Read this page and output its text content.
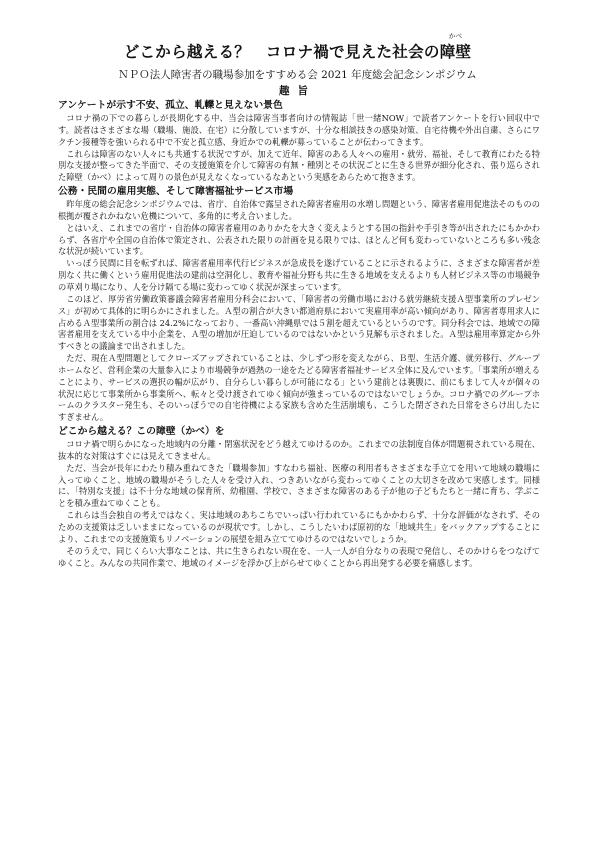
どこから越える？　コロナ禍で見えた社会の
かべ
障壁
ＮＰＯ法人障害者の職場参加をすすめる会 2021 年度総会記念シンポジウム
趣旨
アンケートが示す不安、孤立、軋轢と見えない景色

コロナ禍の下での暮らしが長期化する中、当会は障害当事者向けの情報誌「世一緒NOW」で読者アンケートを行い回収中です。読者はさまざまな場（職場、施設、在宅）に分散していますが、十分な相談技きの感染対策、自宅待機や外出自粛、さらにワクチン接種等を強いられる中で不安と孤立感、身近かでの軋轢が募っていることが伝わってきます。

これらは障害のない人々にも共通する状況ですが、加えて近年、障害のある人々への雇用・就労、福祉、そして教育にわたる特別な支援が整ってきた半面で、その支援施策を介して障害の有無・種別とその状況ごとに生きる世界が細分化され、張り巡らされた障壁（かべ）によって周りの景色が見えなくなっているなあという実感をあらためて抱きます。

公務・民間の雇用実態、そして障害福祉サービス市場

昨年度の総会記念シンポジウムでは、省庁、自治体で露呈された障害者雇用の水増し問題という、障害者雇用促進法そのものの根拠が覆されかねない危機について、多角的に考え合いました。

とはいえ、これまでの省庁・自治体の障害者雇用のありかたを大きく変えようとする国の指針や手引き等が出されたにもかかわらず、各省庁や全国の自治体で策定され、公表された限りの計画を見る限りでは、ほとんど何も変わっていないところも多い残念な状況が続いています。

いっぽう民間に目を転ずれば、障害者雇用率代行ビジネスが急成長を遂げていることに示されるように、さまざまな障害者が差別なく共に働くという雇用促進法の建前は空洞化し、教育や福祉分野も共に生きる地域を支えるよりも人材ビジネス等の市場競争の草刈り場になり、人を分け隔てる場に変わってゆく状況が深まっています。

このほど、厚労省労働政策審議会障害者雇用分科会において、「障害者の労働市場における就労継続支援Ａ型事業所のプレゼンス」が初めて具体的に明らかにされました。Ａ型の割合が大きい都道府県において実雇用率が高い傾向があり、障害者専用求人に占めるＡ型事業所の割合は 24.2%になっており、一番高い沖縄県では５割を超えているというのです。同分科会では、地域での障害者雇用を支えている中小企業を、Ａ型の増加が圧迫しているのではないかという見解も示されました。Ａ型は雇用率算定から外すべきとの議論まで出されました。

ただ、現在Ａ型問題としてクローズアップされていることは、少しずつ形を変えながら、Ｂ型、生活介護、就労移行、グループホームなど、営利企業の大量参入により市場競争が過熱の一途をたどる障害者福祉サービス全体に及んでいます。「事業所が増えることにより、サービスの選択の幅が広がり、自分らしい暮らしが可能になる」という建前とは裏腹に、前にもまして人々が個々の状況に応じて事業所から事業所へ、転々と受け渡されてゆく傾向が強まっているのではないでしょうか。コロナ禍でのグループホームのクラスター発生も、そのいっぽうでの自宅待機による家族も含めた生活崩壊も、こうした閉ざされた日常をさらけ出したにすぎません。

どこから越える？この障壁（かべ）を

コロナ禍で明らかになった地域内の分離・閉塞状況をどう越えてゆけるのか。これまでの法制度自体が問題視されている現在、抜本的な対策はすぐには見えてきません。

ただ、当会が長年にわたり積み重ねてきた「職場参加」すなわち福祉、医療の利用者もさまざまな手立てを用いて地域の職場に入ってゆくこと、地域の職場がそうした人々を受け入れ、つきあいながら変わってゆくことの大切さを改めて実感します。同様に、「特別な支援」は不十分な地域の保育所、幼稚園、学校で、さまざまな障害のある子が他の子どもたちと一緒に育ち、学ぶことを積み重ねてゆくことも。

これらは当会独自の考えではなく、実は地域のあちこちでいっぱい行われているにもかかわらず、十分な評価がなされず、そのための支援策は乏しいままになっているのが現状です。しかし、こうしたいわば原初的な「地域共生」をバックアップすることにより、これまでの支援施策もリノベーションの展望を組み立ててゆけるのではないでしょうか。

そのうえで、同じくらい大事なことは、共に生きられない現在を、一人一人が自分なりの表現で発信し、そのかけらをつなげてゆくこと。みんなの共同作業で、地域のイメージを浮かび上がらせてゆくことから再出発する必要を痛感します。
